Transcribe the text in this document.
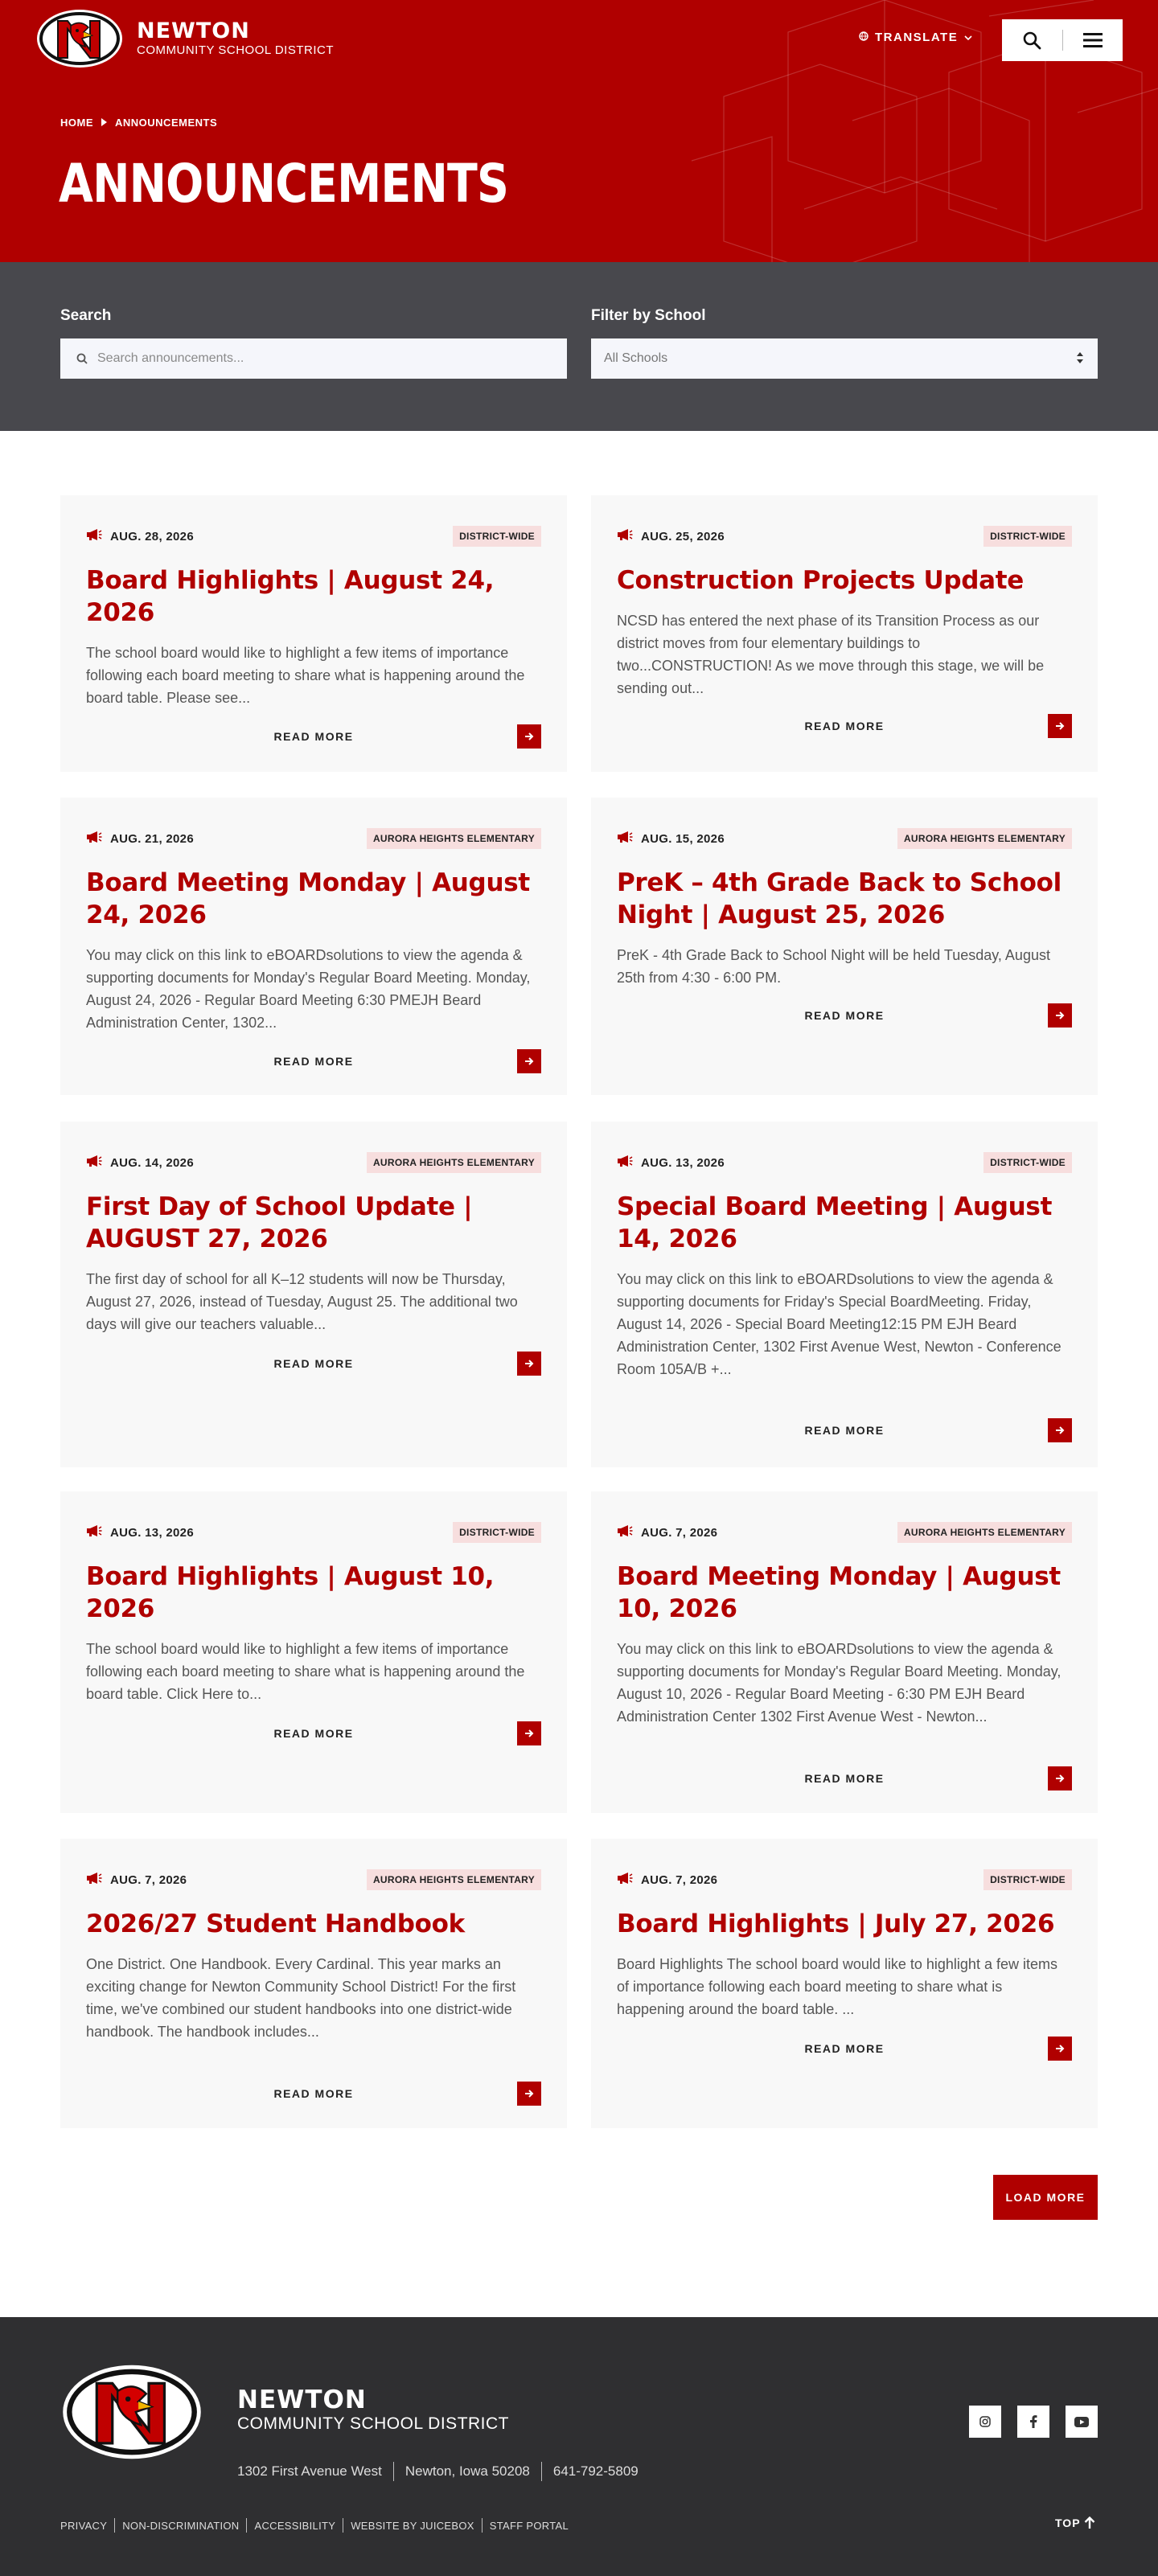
NEWTON
COMMUNITY SCHOOL DISTRICT
TRANSLATE
HOME ANNOUNCEMENTS
ANNOUNCEMENTS
Search
Search announcements...	Filter by School
All Schools
AUG. 28, 2026	DISTRICT-WIDE
Board Highlights | August 24, 2026

The school board would like to highlight a few items of importance following each board meeting to share what is happening around the board table. Please see...

READ MORE
AUG. 25, 2026	DISTRICT-WIDE
Construction Projects Update

NCSD has entered the next phase of its Transition Process as our district moves from four elementary buildings to two...CONSTRUCTION! As we move through this stage, we will be sending out...

READ MORE
AUG. 21, 2026	AURORA HEIGHTS ELEMENTARY
Board Meeting Monday | August 24, 2026

You may click on this link to eBOARDsolutions to view the agenda & supporting documents for Monday's Regular Board Meeting. Monday, August 24, 2026 - Regular Board Meeting 6:30 PMEJH Beard Administration Center, 1302...

READ MORE
AUG. 15, 2026	AURORA HEIGHTS ELEMENTARY
PreK – 4th Grade Back to School Night | August 25, 2026

PreK - 4th Grade Back to School Night will be held Tuesday, August 25th from 4:30 - 6:00 PM.

READ MORE
AUG. 14, 2026	AURORA HEIGHTS ELEMENTARY
First Day of School Update | AUGUST 27, 2026

The first day of school for all K–12 students will now be Thursday, August 27, 2026, instead of Tuesday, August 25. The additional two days will give our teachers valuable...

READ MORE
AUG. 13, 2026	DISTRICT-WIDE
Special Board Meeting | August 14, 2026

You may click on this link to eBOARDsolutions to view the agenda & supporting documents for Friday's Special BoardMeeting. Friday, August 14, 2026 - Special Board Meeting12:15 PM EJH Beard Administration Center, 1302 First Avenue West, Newton - Conference Room 105A/B +...

READ MORE
AUG. 13, 2026	DISTRICT-WIDE
Board Highlights | August 10, 2026

The school board would like to highlight a few items of importance following each board meeting to share what is happening around the board table. Click Here to...

READ MORE
AUG. 7, 2026	AURORA HEIGHTS ELEMENTARY
Board Meeting Monday | August 10, 2026

You may click on this link to eBOARDsolutions to view the agenda & supporting documents for Monday's Regular Board Meeting. Monday, August 10, 2026 - Regular Board Meeting - 6:30 PM EJH Beard Administration Center 1302 First Avenue West - Newton...

READ MORE
AUG. 7, 2026	AURORA HEIGHTS ELEMENTARY
2026/27 Student Handbook

One District. One Handbook. Every Cardinal. This year marks an exciting change for Newton Community School District! For the first time, we've combined our student handbooks into one district-wide handbook. The handbook includes...

READ MORE
AUG. 7, 2026	DISTRICT-WIDE
Board Highlights | July 27, 2026

Board Highlights The school board would like to highlight a few items of importance following each board meeting to share what is happening around the board table. ...

READ MORE
LOAD MORE
NEWTON
COMMUNITY SCHOOL DISTRICT
1302 First Avenue West Newton, Iowa 50208 641-792-5809
PRIVACY NON-DISCRIMINATION ACCESSIBILITY WEBSITE BY JUICEBOX STAFF PORTAL	TOP
